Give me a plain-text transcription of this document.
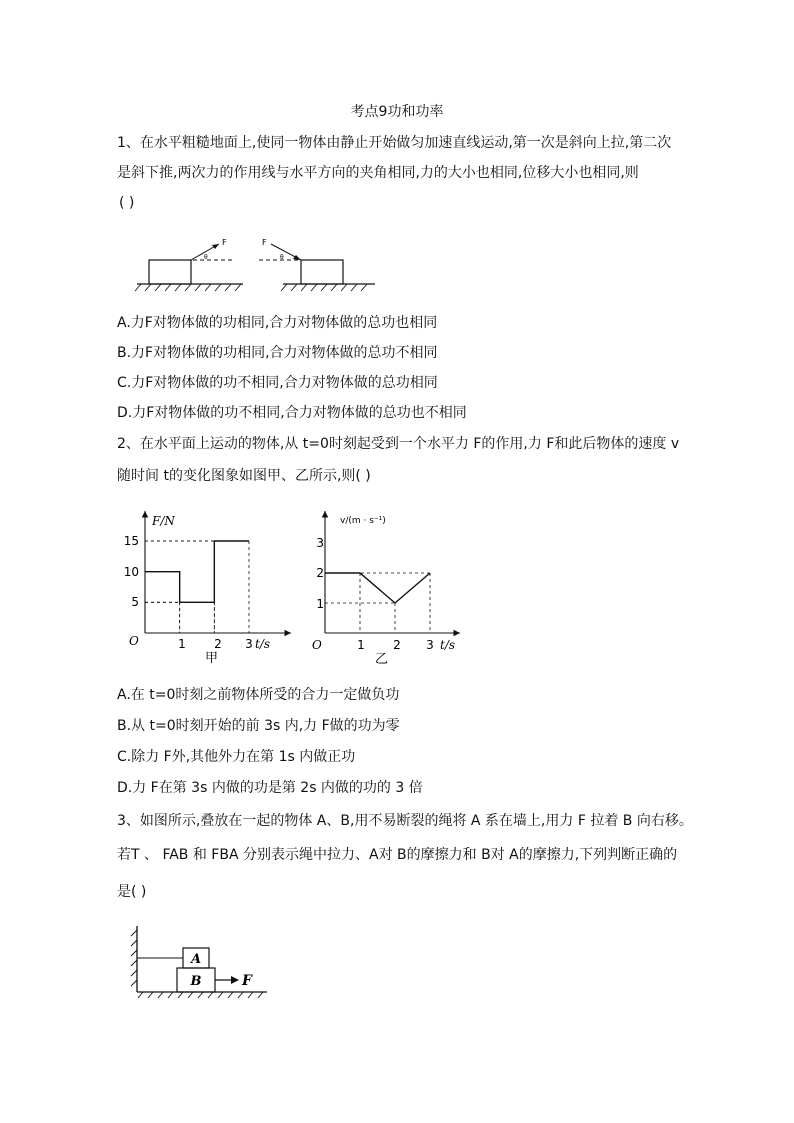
考点9功和功率
1、在水平粗糙地面上,使同一物体由静止开始做匀加速直线运动,第一次是斜向上拉,第二次
是斜下推,两次力的作用线与水平方向的夹角相同,力的大小也相同,位移大小也相同,则
( )
F
θ
F
θ
A.力F对物体做的功相同,合力对物体做的总功也相同
B.力F对物体做的功相同,合力对物体做的总功不相同
C.力F对物体做的功不相同,合力对物体做的总功相同
D.力F对物体做的功不相同,合力对物体做的总功也不相同
2、在水平面上运动的物体,从 t=0时刻起受到一个水平力 F的作用,力 F和此后物体的速度 v
随时间 t的变化图象如图甲、乙所示,则( )
F/N
t/s
O
甲
15
10
5
1 2 3
v/(m · s⁻¹)
t/s
O
乙
3
2
1
1 2 3
A.在 t=0时刻之前物体所受的合力一定做负功
B.从 t=0时刻开始的前 3s 内,力 F做的功为零
C.除力 F外,其他外力在第 1s 内做正功
D.力 F在第 3s 内做的功是第 2s 内做的功的 3 倍
3、如图所示,叠放在一起的物体 A、B,用不易断裂的绳将 A 系在墙上,用力 F 拉着 B 向右移。
若T 、 FAB 和 FBA 分别表示绳中拉力、A对 B的摩擦力和 B对 A的摩擦力,下列判断正确的
是( )
A
B	F
